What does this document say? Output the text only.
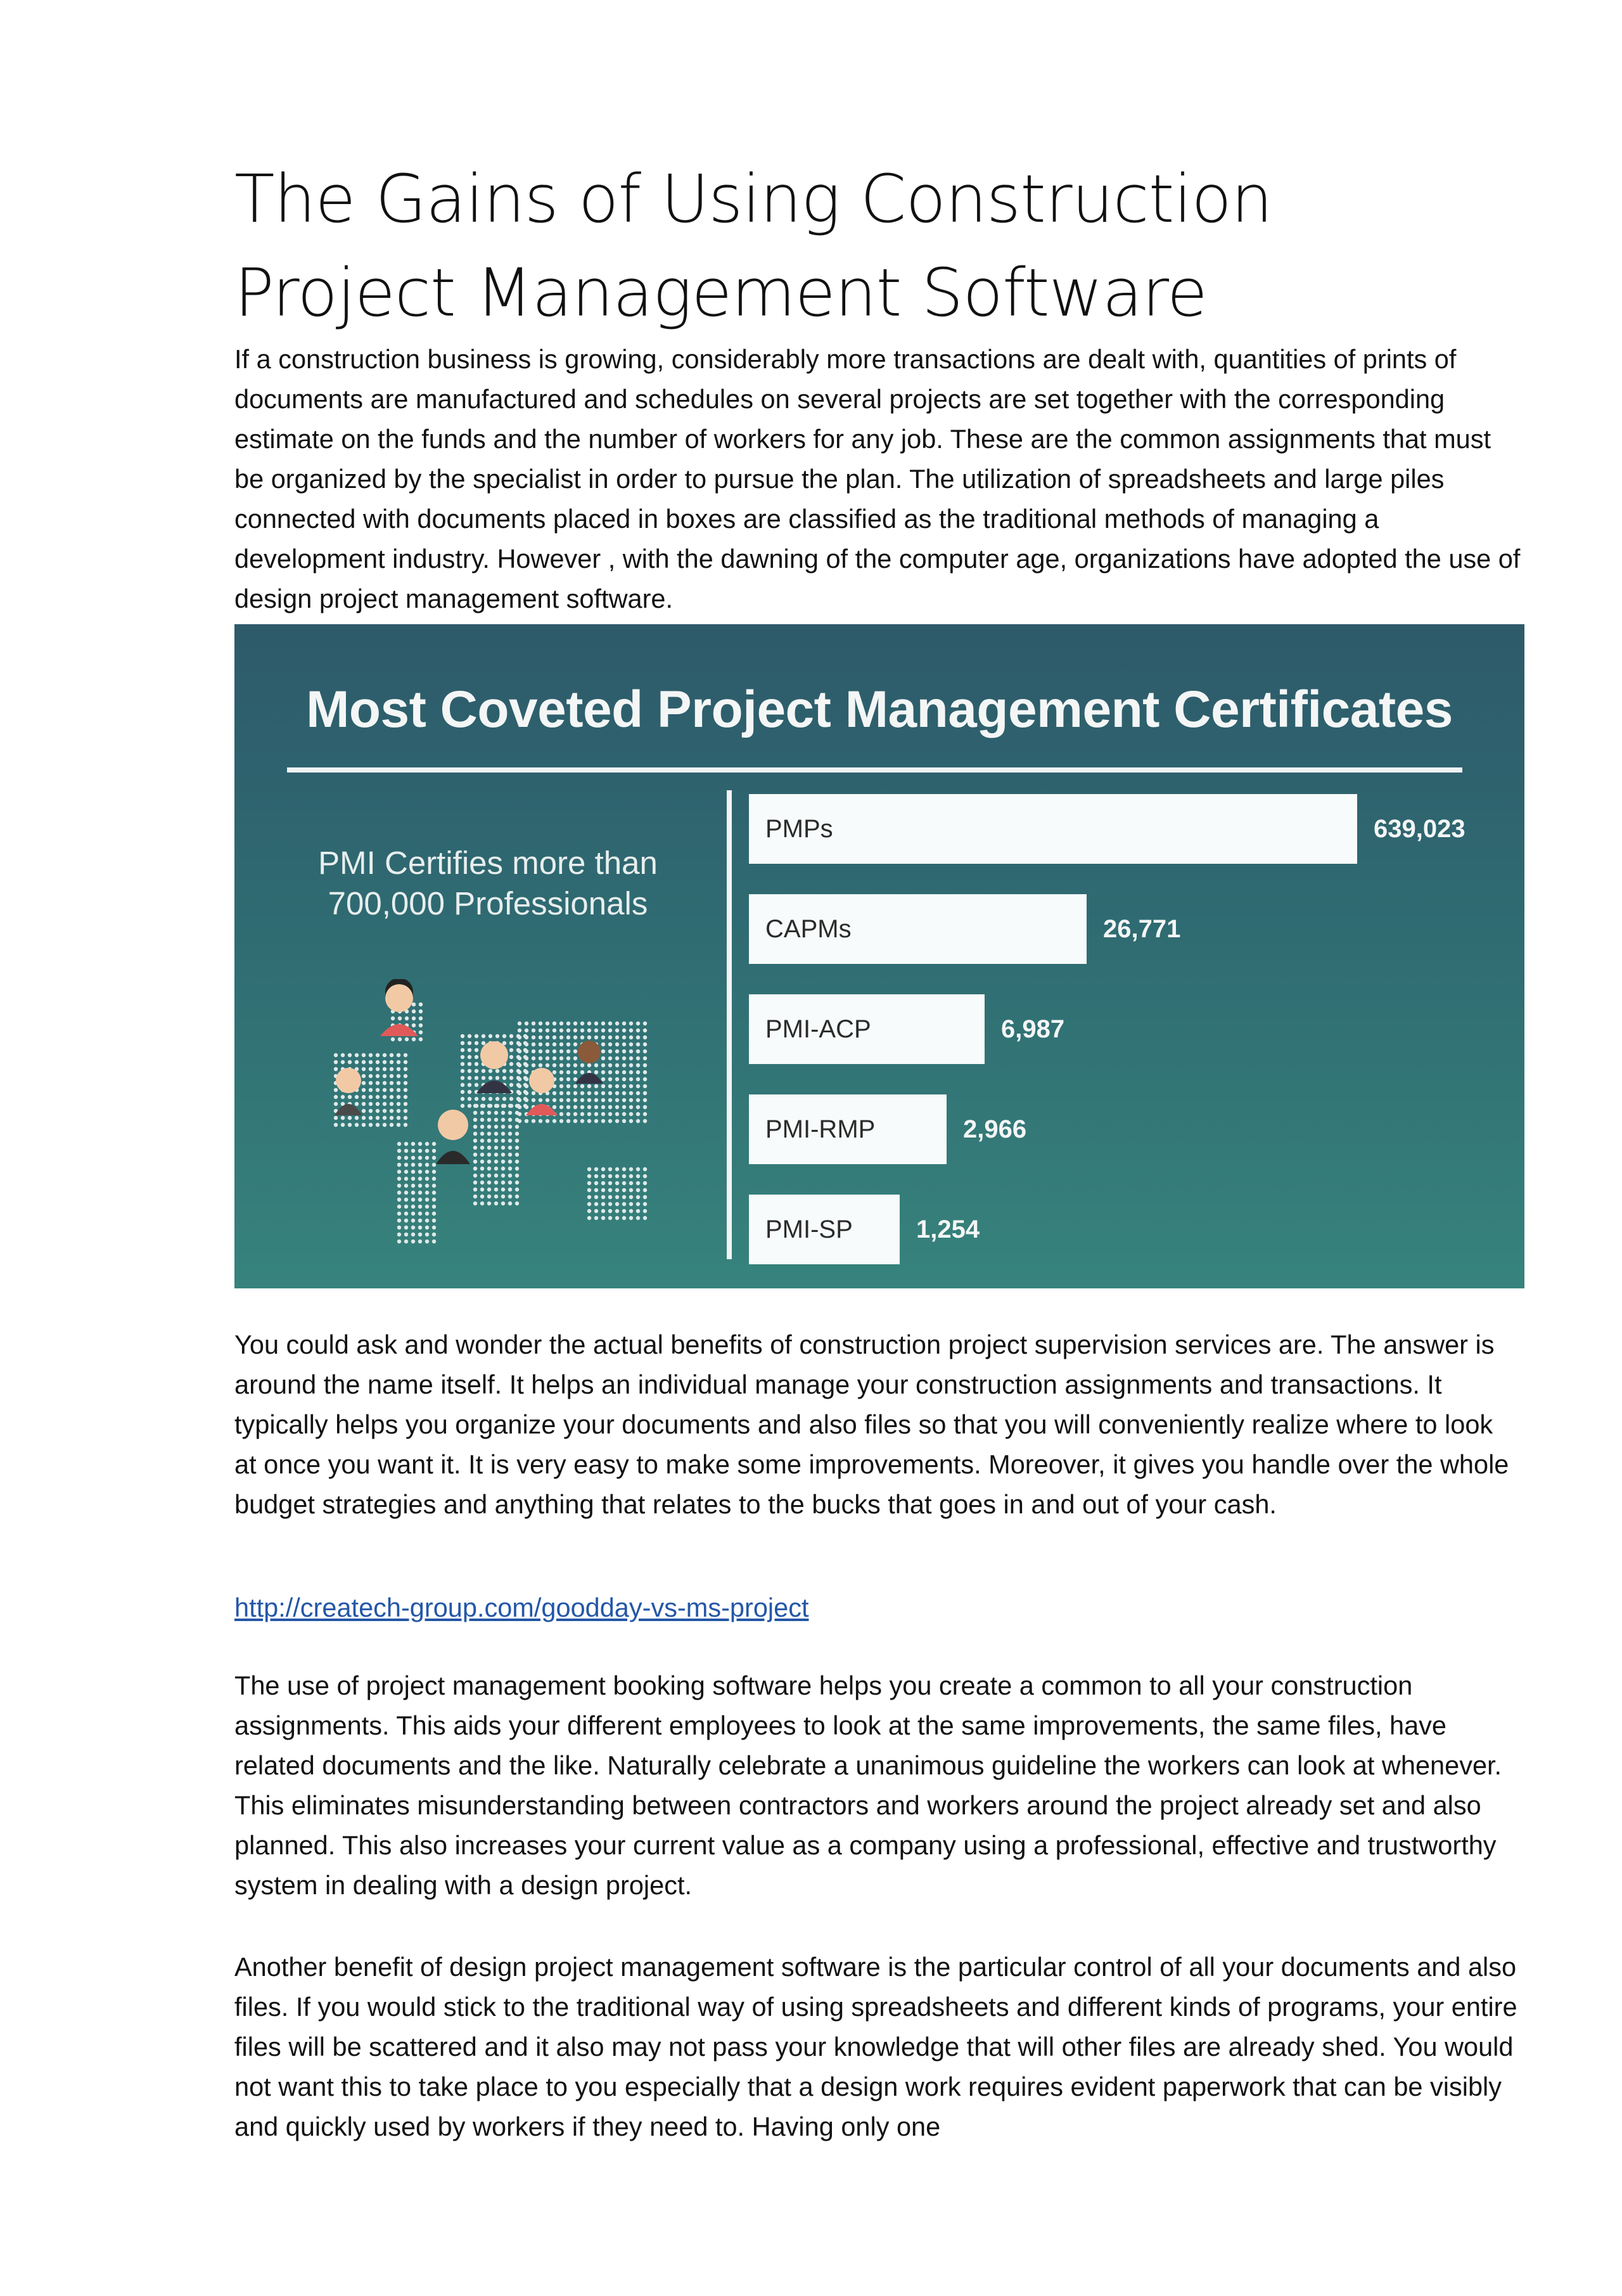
The Gains of Using Construction Project Management Software
If a construction business is growing, considerably more transactions are dealt with, quantities of prints of documents are manufactured and schedules on several projects are set together with the corresponding estimate on the funds and the number of workers for any job. These are the common assignments that must be organized by the specialist in order to pursue the plan. The utilization of spreadsheets and large piles connected with documents placed in boxes are classified as the traditional methods of managing a development industry. However , with the dawning of the computer age, organizations have adopted the use of design project management software.
Most Coveted Project Management Certificates
PMI Certifies more than
700,000 Professionals
PMPs	639,023
CAPMs	26,771
PMI-ACP	6,987
PMI-RMP	2,966
PMI-SP	1,254
You could ask and wonder the actual benefits of construction project supervision services are. The answer is around the name itself. It helps an individual manage your construction assignments and transactions. It typically helps you organize your documents and also files so that you will conveniently realize where to look at once you want it. It is very easy to make some improvements. Moreover, it gives you handle over the whole budget strategies and anything that relates to the bucks that goes in and out of your cash.
http://createch-group.com/goodday-vs-ms-project
The use of project management booking software helps you create a common to all your construction assignments. This aids your different employees to look at the same improvements, the same files, have related documents and the like. Naturally celebrate a unanimous guideline the workers can look at whenever. This eliminates misunderstanding between contractors and workers around the project already set and also planned. This also increases your current value as a company using a professional, effective and trustworthy system in dealing with a design project.
Another benefit of design project management software is the particular control of all your documents and also files. If you would stick to the traditional way of using spreadsheets and different kinds of programs, your entire files will be scattered and it also may not pass your knowledge that will other files are already shed. You would not want this to take place to you especially that a design work requires evident paperwork that can be visibly and quickly used by workers if they need to. Having only one
